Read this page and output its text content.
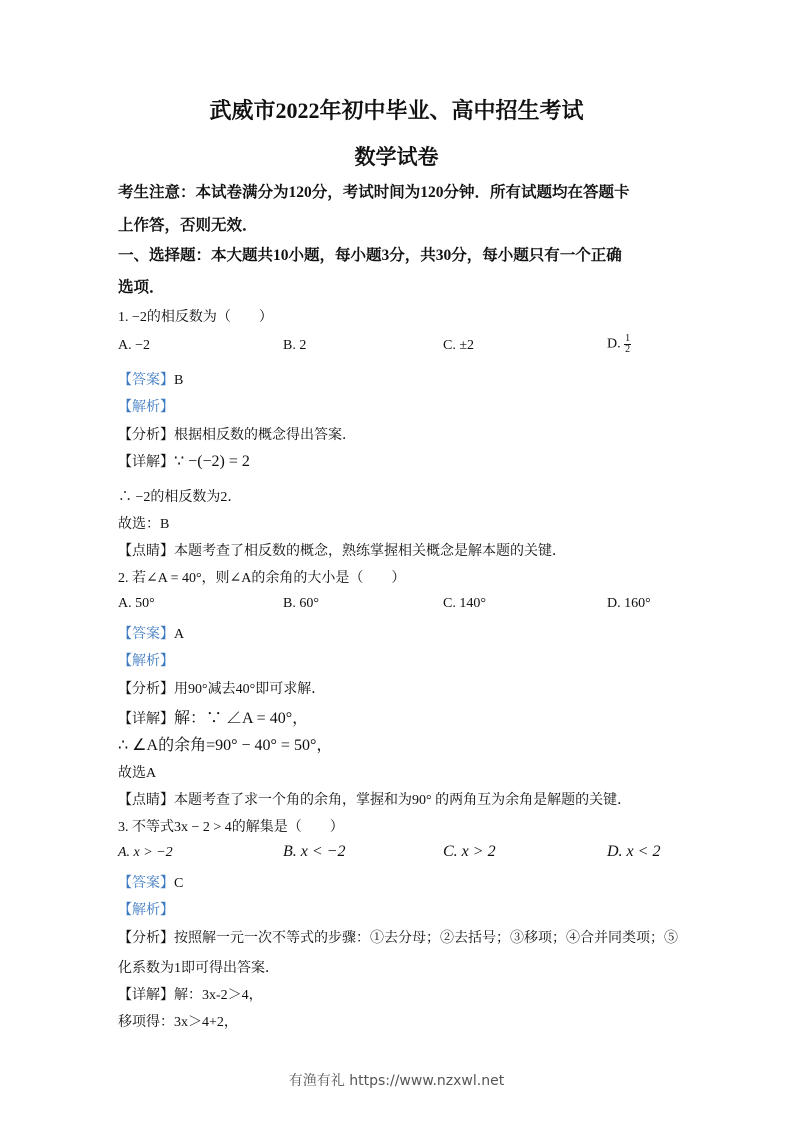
武威市2022年初中毕业、高中招生考试
数学试卷
考生注意：本试卷满分为120分，考试时间为120分钟．所有试题均在答题卡
上作答，否则无效．
一、选择题：本大题共10小题，每小题3分，共30分，每小题只有一个正确
选项．
1. −2的相反数为（　　）
A. −2	B. 2	C. ±2	D. $\frac{1}{2}$
【答案】B
【解析】
【分析】根据相反数的概念得出答案．
【详解】∵ −(−2) = 2
∴ −2的相反数为2．
故选：B
【点睛】本题考查了相反数的概念，熟练掌握相关概念是解本题的关键．
2. 若∠A = 40°，则∠A的余角的大小是（　　）
A. 50°	B. 60°	C. 140°	D. 160°
【答案】A
【解析】
【分析】用90°减去40°即可求解．
【详解】解：∵ ∠A = 40°，
∴ ∠A的余角=90° − 40° = 50°，
故选A
【点睛】本题考查了求一个角的余角，掌握和为90° 的两角互为余角是解题的关键．
3. 不等式3x − 2 > 4的解集是（　　）
A. x > −2	B. x < −2	C. x > 2	D. x < 2
【答案】C
【解析】
【分析】按照解一元一次不等式的步骤：①去分母；②去括号；③移项；④合并同类项；⑤
化系数为1即可得出答案．
【详解】解：3x-2＞4，
移项得：3x＞4+2，
有渔有礼 https://www.nzxwl.net
